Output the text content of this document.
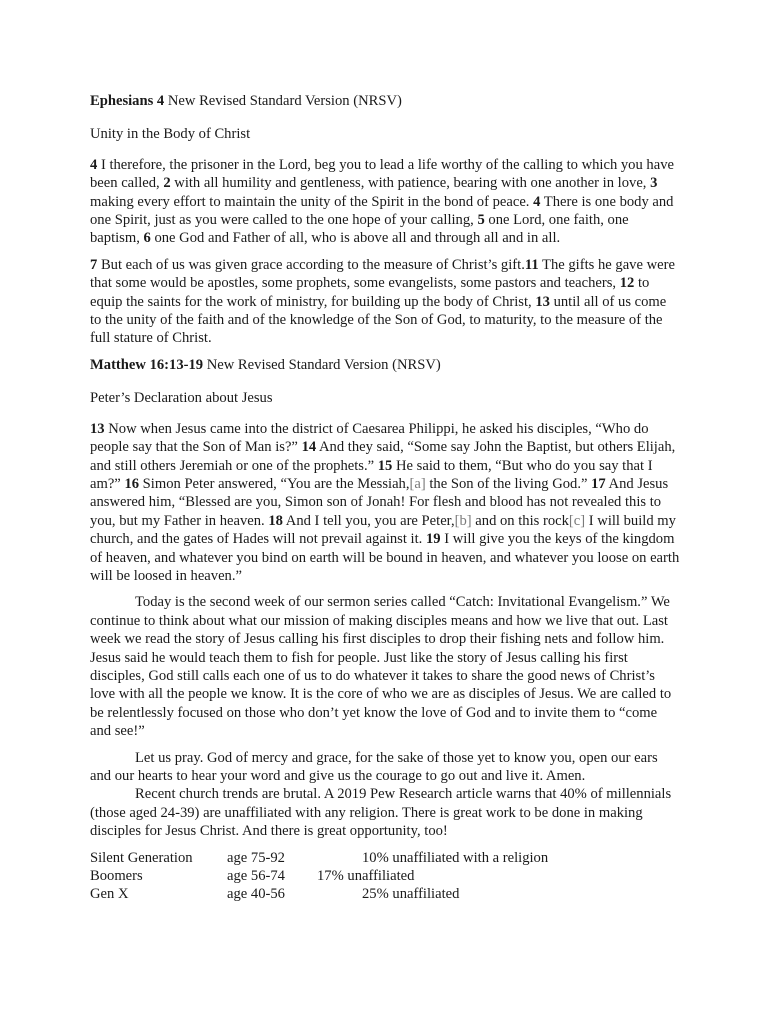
Ephesians 4 New Revised Standard Version (NRSV)

Unity in the Body of Christ

4 I therefore, the prisoner in the Lord, beg you to lead a life worthy of the calling to which you have been called, 2 with all humility and gentleness, with patience, bearing with one another in love, 3 making every effort to maintain the unity of the Spirit in the bond of peace. 4 There is one body and one Spirit, just as you were called to the one hope of your calling, 5 one Lord, one faith, one baptism, 6 one God and Father of all, who is above all and through all and in all.

7 But each of us was given grace according to the measure of Christ’s gift.11 The gifts he gave were that some would be apostles, some prophets, some evangelists, some pastors and teachers, 12 to equip the saints for the work of ministry, for building up the body of Christ, 13 until all of us come to the unity of the faith and of the knowledge of the Son of God, to maturity, to the measure of the full stature of Christ.

Matthew 16:13-19 New Revised Standard Version (NRSV)

Peter’s Declaration about Jesus

13 Now when Jesus came into the district of Caesarea Philippi, he asked his disciples, “Who do people say that the Son of Man is?” 14 And they said, “Some say John the Baptist, but others Elijah, and still others Jeremiah or one of the prophets.” 15 He said to them, “But who do you say that I am?” 16 Simon Peter answered, “You are the Messiah,[a] the Son of the living God.” 17 And Jesus answered him, “Blessed are you, Simon son of Jonah! For flesh and blood has not revealed this to you, but my Father in heaven. 18 And I tell you, you are Peter,[b] and on this rock[c] I will build my church, and the gates of Hades will not prevail against it. 19 I will give you the keys of the kingdom of heaven, and whatever you bind on earth will be bound in heaven, and whatever you loose on earth will be loosed in heaven.”

Today is the second week of our sermon series called “Catch: Invitational Evangelism.” We continue to think about what our mission of making disciples means and how we live that out. Last week we read the story of Jesus calling his first disciples to drop their fishing nets and follow him. Jesus said he would teach them to fish for people. Just like the story of Jesus calling his first disciples, God still calls each one of us to do whatever it takes to share the good news of Christ’s love with all the people we know. It is the core of who we are as disciples of Jesus. We are called to be relentlessly focused on those who don’t yet know the love of God and to invite them to “come and see!”

Let us pray. God of mercy and grace, for the sake of those yet to know you, open our ears and our hearts to hear your word and give us the courage to go out and live it. Amen.

Recent church trends are brutal. A 2019 Pew Research article warns that 40% of millennials (those aged 24-39) are unaffiliated with any religion. There is great work to be done in making disciples for Jesus Christ. And there is great opportunity, too!

Silent Generation age 75-92	10% unaffiliated with a religion
Boomers	age 56-74 17% unaffiliated
Gen X	age 40-56	25% unaffiliated
